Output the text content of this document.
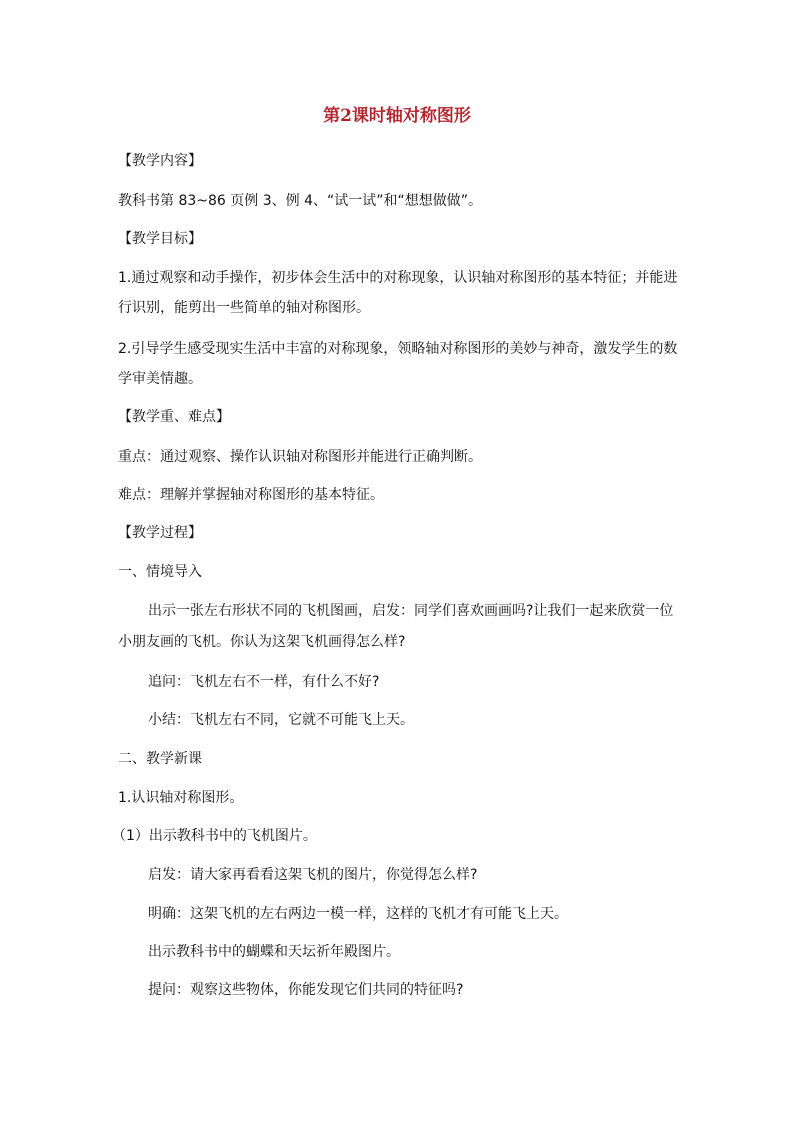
第2课时轴对称图形
【教学内容】
教科书第 83~86 页例 3、例 4、“试一试”和“想想做做”。
【教学目标】
1.通过观察和动手操作，初步体会生活中的对称现象，认识轴对称图形的基本特征；并能进
行识别，能剪出一些简单的轴对称图形。
2.引导学生感受现实生活中丰富的对称现象，领略轴对称图形的美妙与神奇，激发学生的数
学审美情趣。
【教学重、难点】
重点：通过观察、操作认识轴对称图形并能进行正确判断。
难点：理解并掌握轴对称图形的基本特征。
【教学过程】
一、情境导入
出示一张左右形状不同的飞机图画，启发：同学们喜欢画画吗?让我们一起来欣赏一位
小朋友画的飞机。你认为这架飞机画得怎么样?
追问：飞机左右不一样，有什么不好?
小结：飞机左右不同，它就不可能飞上天。
二、教学新课
1.认识轴对称图形。
（1）出示教科书中的飞机图片。
启发：请大家再看看这架飞机的图片，你觉得怎么样?
明确：这架飞机的左右两边一模一样，这样的飞机才有可能飞上天。
出示教科书中的蝴蝶和天坛祈年殿图片。
提问：观察这些物体，你能发现它们共同的特征吗?
